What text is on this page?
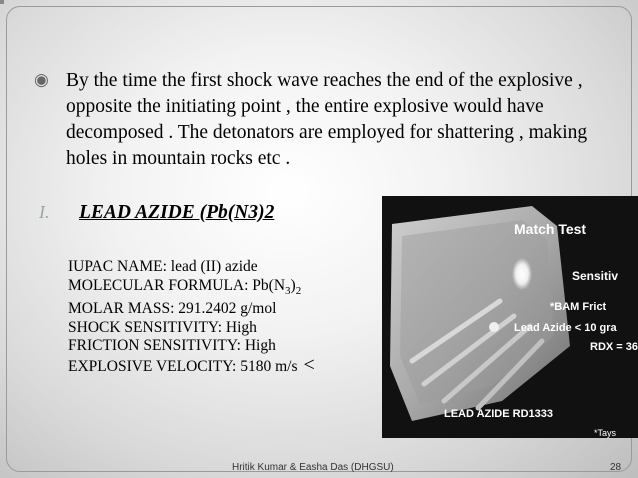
◉ By the time the first shock wave reaches the end of the explosive , opposite the initiating point , the entire explosive would have decomposed . The detonators are employed for shattering , making holes in mountain rocks etc .
I.	LEAD AZIDE (Pb(N3)2
IUPAC NAME: lead (II) azide
MOLECULAR FORMULA: $Pb(N_3)_2$
MOLAR MASS: 291.2402 g/mol
SHOCK SENSITIVITY: High
FRICTION SENSITIVITY: High
EXPLOSIVE VELOCITY: 5180 m/s <
Match Test
Sensitiv
*BAM Frict
Lead Azide < 10 gra
RDX = 36
LEAD AZIDE RD1333
*Tays
Hritik Kumar & Easha Das (DHGSU)	28
